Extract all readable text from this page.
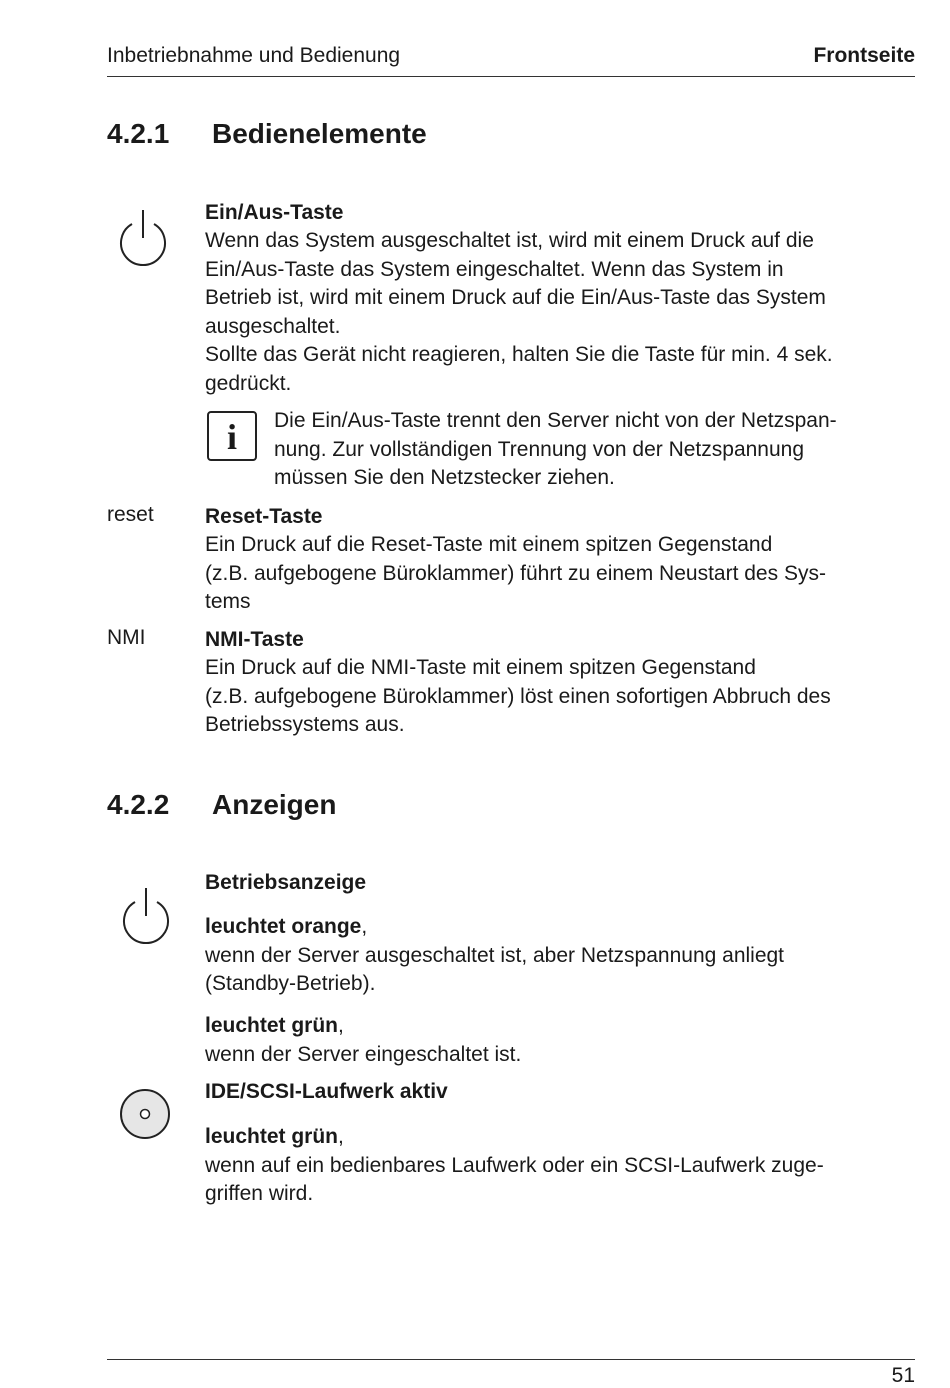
Inbetriebnahme und Bedienung	Frontseite
4.2.1 Bedienelemente
Ein/Aus-Taste
Wenn das System ausgeschaltet ist, wird mit einem Druck auf die
Ein/Aus-Taste das System eingeschaltet. Wenn das System in
Betrieb ist, wird mit einem Druck auf die Ein/Aus-Taste das System
ausgeschaltet.
Sollte das Gerät nicht reagieren, halten Sie die Taste für min. 4 sek.
gedrückt.
i	Die Ein/Aus-Taste trennt den Server nicht von der Netzspan-
nung. Zur vollständigen Trennung von der Netzspannung
müssen Sie den Netzstecker ziehen.
reset Reset-Taste
Ein Druck auf die Reset-Taste mit einem spitzen Gegenstand
(z.B. aufgebogene Büroklammer) führt zu einem Neustart des Sys-
tems
NMI	NMI-Taste
Ein Druck auf die NMI-Taste mit einem spitzen Gegenstand
(z.B. aufgebogene Büroklammer) löst einen sofortigen Abbruch des
Betriebssystems aus.
4.2.2 Anzeigen
Betriebsanzeige
leuchtet orange,
wenn der Server ausgeschaltet ist, aber Netzspannung anliegt
(Standby-Betrieb).
leuchtet grün,
wenn der Server eingeschaltet ist.
IDE/SCSI-Laufwerk aktiv
leuchtet grün,
wenn auf ein bedienbares Laufwerk oder ein SCSI-Laufwerk zuge-
griffen wird.
51
